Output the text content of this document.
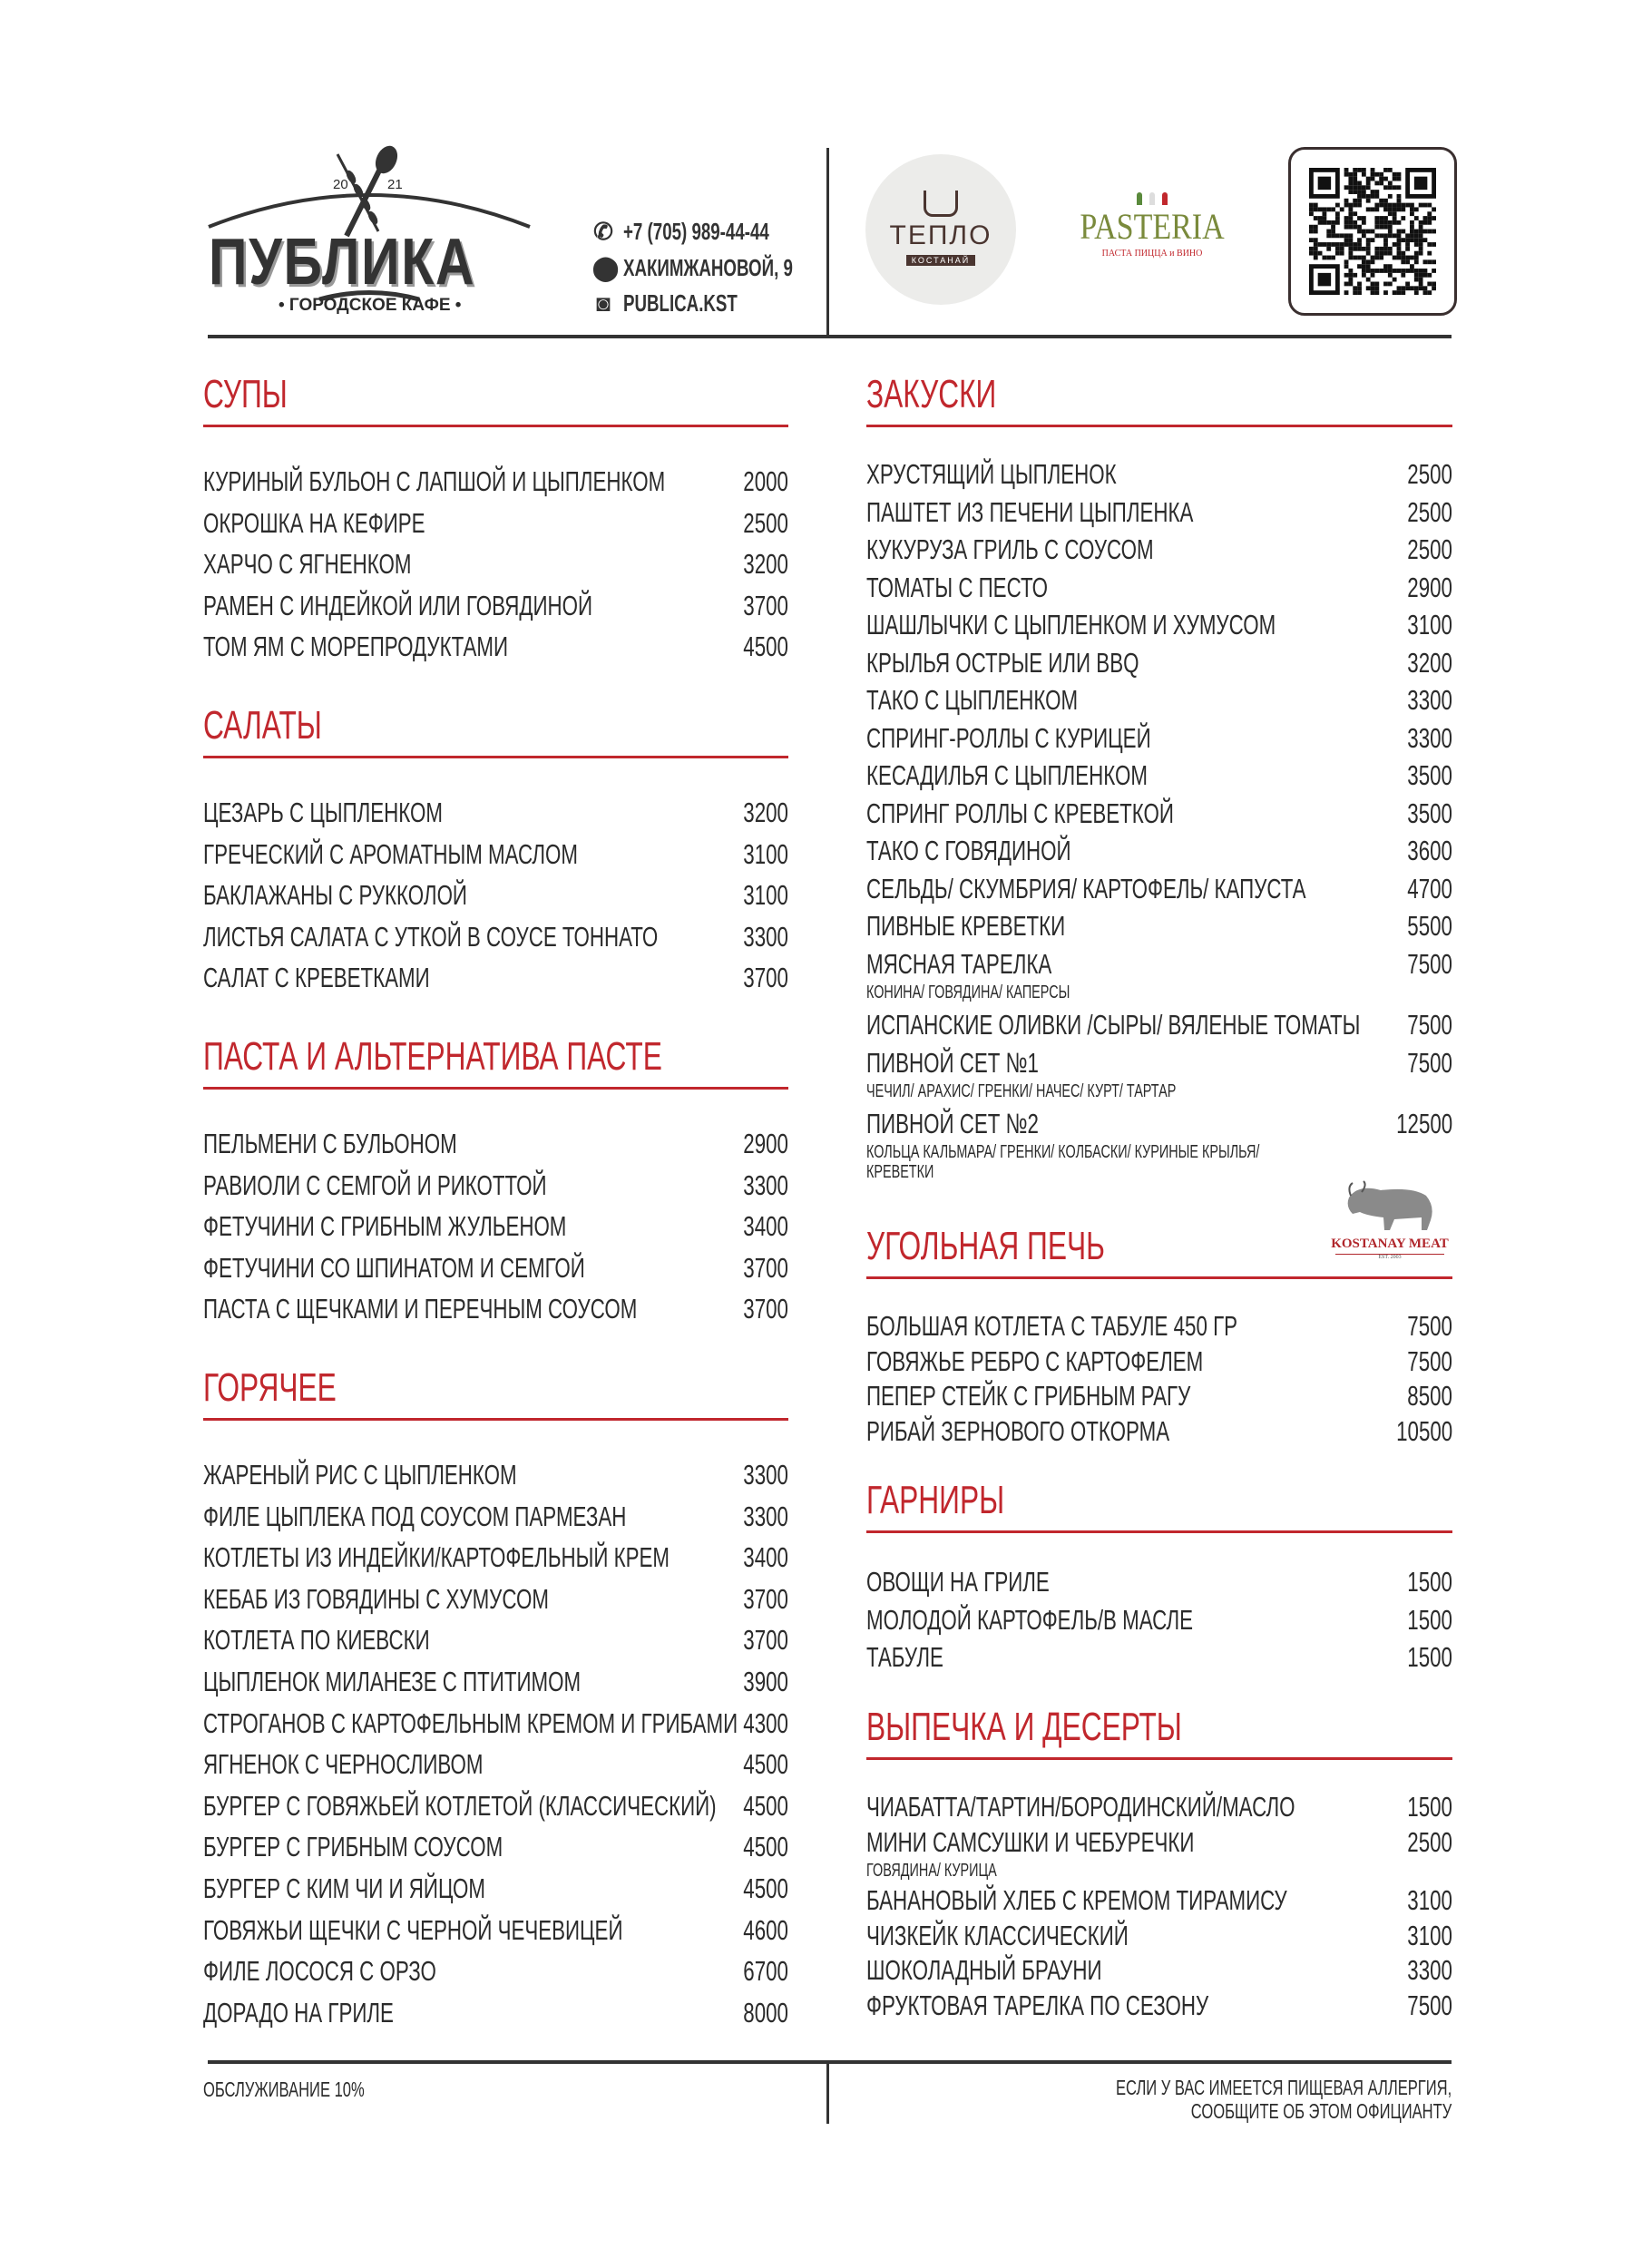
20	21
ПУБЛИКА
• ГОРОДСКОЕ КАФЕ •
✆ +7 (705) 989-44-44
⬤ ХАКИМЖАНОВОЙ, 9
◙ PUBLICA.KST
ТЕПЛО
КОСТАНАЙ
PASTERIA
ПАСТА ПИЦЦА и ВИНО
СУПЫ
КУРИНЫЙ БУЛЬОН С ЛАПШОЙ И ЦЫПЛЕНКОМ	2000
ОКРОШКА НА КЕФИРЕ	2500
ХАРЧО С ЯГНЕНКОМ	3200
РАМЕН С ИНДЕЙКОЙ ИЛИ ГОВЯДИНОЙ	3700
ТОМ ЯМ С МОРЕПРОДУКТАМИ	4500
САЛАТЫ
ЦЕЗАРЬ С ЦЫПЛЕНКОМ	3200
ГРЕЧЕСКИЙ С АРОМАТНЫМ МАСЛОМ	3100
БАКЛАЖАНЫ С РУККОЛОЙ	3100
ЛИСТЬЯ САЛАТА С УТКОЙ В СОУСЕ ТОННАТО	3300
САЛАТ С КРЕВЕТКАМИ	3700
ПАСТА И АЛЬТЕРНАТИВА ПАСТЕ
ПЕЛЬМЕНИ С БУЛЬОНОМ	2900
РАВИОЛИ С СЕМГОЙ И РИКОТТОЙ	3300
ФЕТУЧИНИ С ГРИБНЫМ ЖУЛЬЕНОМ	3400
ФЕТУЧИНИ СО ШПИНАТОМ И СЕМГОЙ	3700
ПАСТА С ЩЕЧКАМИ И ПЕРЕЧНЫМ СОУСОМ	3700
ГОРЯЧЕЕ
ЖАРЕНЫЙ РИС С ЦЫПЛЕНКОМ	3300
ФИЛЕ ЦЫПЛЕКА ПОД СОУСОМ ПАРМЕЗАН	3300
КОТЛЕТЫ ИЗ ИНДЕЙКИ/КАРТОФЕЛЬНЫЙ КРЕМ	3400
КЕБАБ ИЗ ГОВЯДИНЫ С ХУМУСОМ	3700
КОТЛЕТА ПО КИЕВСКИ	3700
ЦЫПЛЕНОК МИЛАНЕЗЕ С ПТИТИМОМ	3900
СТРОГАНОВ С КАРТОФЕЛЬНЫМ КРЕМОМ И ГРИБАМИ 4300
ЯГНЕНОК С ЧЕРНОСЛИВОМ	4500
БУРГЕР С ГОВЯЖЬЕЙ КОТЛЕТОЙ (КЛАССИЧЕСКИЙ) 4500
БУРГЕР С ГРИБНЫМ СОУСОМ	4500
БУРГЕР С КИМ ЧИ И ЯЙЦОМ	4500
ГОВЯЖЬИ ЩЕЧКИ С ЧЕРНОЙ ЧЕЧЕВИЦЕЙ	4600
ФИЛЕ ЛОСОСЯ С ОРЗО	6700
ДОРАДО НА ГРИЛЕ	8000
ЗАКУСКИ
ХРУСТЯЩИЙ ЦЫПЛЕНОК	2500
ПАШТЕТ ИЗ ПЕЧЕНИ ЦЫПЛЕНКА	2500
КУКУРУЗА ГРИЛЬ С СОУСОМ	2500
ТОМАТЫ С ПЕСТО	2900
ШАШЛЫЧКИ С ЦЫПЛЕНКОМ И ХУМУСОМ	3100
КРЫЛЬЯ ОСТРЫЕ ИЛИ BBQ	3200
ТАКО С ЦЫПЛЕНКОМ	3300
СПРИНГ-РОЛЛЫ С КУРИЦЕЙ	3300
КЕСАДИЛЬЯ С ЦЫПЛЕНКОМ	3500
СПРИНГ РОЛЛЫ С КРЕВЕТКОЙ	3500
ТАКО С ГОВЯДИНОЙ	3600
СЕЛЬДЬ/ СКУМБРИЯ/ КАРТОФЕЛЬ/ КАПУСТА	4700
ПИВНЫЕ КРЕВЕТКИ	5500
МЯСНАЯ ТАРЕЛКА	7500
КОНИНА/ ГОВЯДИНА/ КАПЕРСЫ
ИСПАНСКИЕ ОЛИВКИ /СЫРЫ/ ВЯЛЕНЫЕ ТОМАТЫ	7500
ПИВНОЙ СЕТ №1	7500
ЧЕЧИЛ/ АРАХИС/ ГРЕНКИ/ НАЧЕС/ КУРТ/ ТАРТАР
ПИВНОЙ СЕТ №2	12500
КОЛЬЦА КАЛЬМАРА/ ГРЕНКИ/ КОЛБАСКИ/ КУРИНЫЕ КРЫЛЬЯ/
КРЕВЕТКИ
УГОЛЬНАЯ ПЕЧЬ
БОЛЬШАЯ КОТЛЕТА С ТАБУЛЕ 450 ГР	7500
ГОВЯЖЬЕ РЕБРО С КАРТОФЕЛЕМ	7500
ПЕПЕР СТЕЙК С ГРИБНЫМ РАГУ	8500
РИБАЙ ЗЕРНОВОГО ОТКОРМА	10500
ГАРНИРЫ
ОВОЩИ НА ГРИЛЕ	1500
МОЛОДОЙ КАРТОФЕЛЬ/В МАСЛЕ	1500
ТАБУЛЕ	1500
ВЫПЕЧКА И ДЕСЕРТЫ
ЧИАБАТТА/ТАРТИН/БОРОДИНСКИЙ/МАСЛО	1500
МИНИ САМСУШКИ И ЧЕБУРЕЧКИ	2500
ГОВЯДИНА/ КУРИЦА
БАНАНОВЫЙ ХЛЕБ С КРЕМОМ ТИРАМИСУ	3100
ЧИЗКЕЙК КЛАССИЧЕСКИЙ	3100
ШОКОЛАДНЫЙ БРАУНИ	3300
ФРУКТОВАЯ ТАРЕЛКА ПО СЕЗОНУ	7500
KOSTANAY MEAT
EST. 2003
ОБСЛУЖИВАНИЕ 10%	ЕСЛИ У ВАС ИМЕЕТСЯ ПИЩЕВАЯ АЛЛЕРГИЯ,
СООБЩИТЕ ОБ ЭТОМ ОФИЦИАНТУ
